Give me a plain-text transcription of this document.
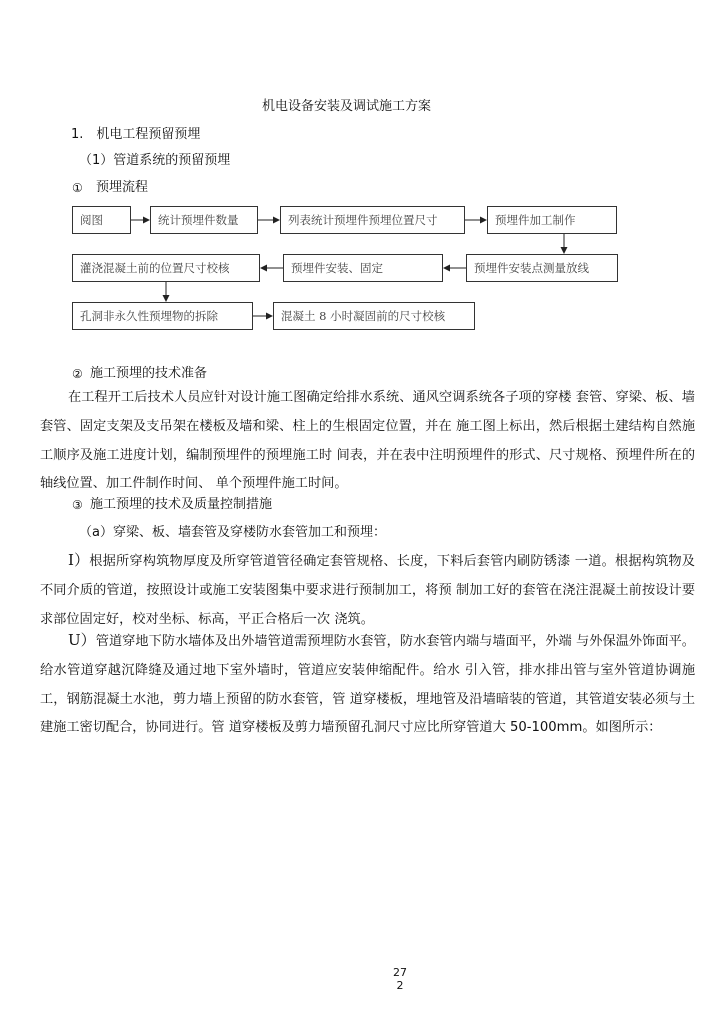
机电设备安装及调试施工方案
1.　机电工程预留预埋
（1）管道系统的预留预埋
① 预埋流程
阅图	统计预埋件数量	列表统计预埋件预埋位置尺寸	预埋件加工制作
预埋件安装点测量放线
预埋件安装、固定
灌浇混凝土前的位置尺寸校核
孔洞非永久性预埋物的拆除	混凝土 8 小时凝固前的尺寸校核
② 施工预埋的技术准备

在工程开工后技术人员应针对设计施工图确定给排水系统、通风空调系统各子项的穿楼 套管、穿梁、板、墙套管、固定支架及支吊架在楼板及墙和梁、柱上的生根固定位置，并在 施工图上标出，然后根据土建结构自然施工顺序及施工进度计划，编制预埋件的预埋施工时 间表，并在表中注明预埋件的形式、尺寸规格、预埋件所在的轴线位置、加工件制作时间、 单个预埋件施工时间。

③ 施工预埋的技术及质量控制措施
（a）穿梁、板、墙套管及穿楼防水套管加工和预埋：

I）根据所穿构筑物厚度及所穿管道管径确定套管规格、长度，下料后套管内刷防锈漆 一道。根据构筑物及不同介质的管道，按照设计或施工安装图集中要求进行预制加工，将预 制加工好的套管在浇注混凝土前按设计要求部位固定好，校对坐标、标高，平正合格后一次 浇筑。

U）管道穿地下防水墙体及出外墙管道需预埋防水套管，防水套管内端与墙面平，外端 与外保温外饰面平。给水管道穿越沉降缝及通过地下室外墙时，管道应安装伸缩配件。给水 引入管，排水排出管与室外管道协调施工，钢筋混凝土水池，剪力墙上预留的防水套管，管 道穿楼板，埋地管及沿墙暗装的管道，其管道安装必须与土建施工密切配合，协同进行。管 道穿楼板及剪力墙预留孔洞尺寸应比所穿管道大 50-100mm。如图所示：

27
2
